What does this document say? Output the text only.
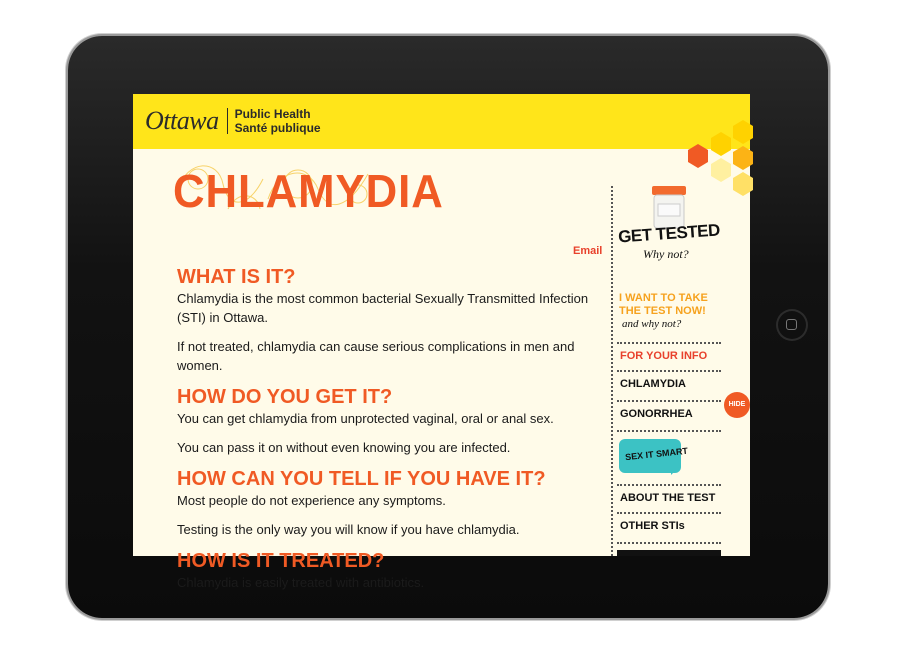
Ottawa Public Health
Santé publique
CHLAMYDIA
Email
WHAT IS IT?

Chlamydia is the most common bacterial Sexually Transmitted Infection (STI) in Ottawa.

If not treated, chlamydia can cause serious complications in men and women.

HOW DO YOU GET IT?

You can get chlamydia from unprotected vaginal, oral or anal sex.

You can pass it on without even knowing you are infected.

HOW CAN YOU TELL IF YOU HAVE IT?

Most people do not experience any symptoms.

Testing is the only way you will know if you have chlamydia.

HOW IS IT TREATED?

Chlamydia is easily treated with antibiotics.

GET TESTED
Why not?
I WANT TO TAKE THE TEST NOW!
and why not?
FOR YOUR INFO
CHLAMYDIA
GONORRHEA
ABOUT THE TEST
OTHER STIs
HIDE
SEX IT SMART
